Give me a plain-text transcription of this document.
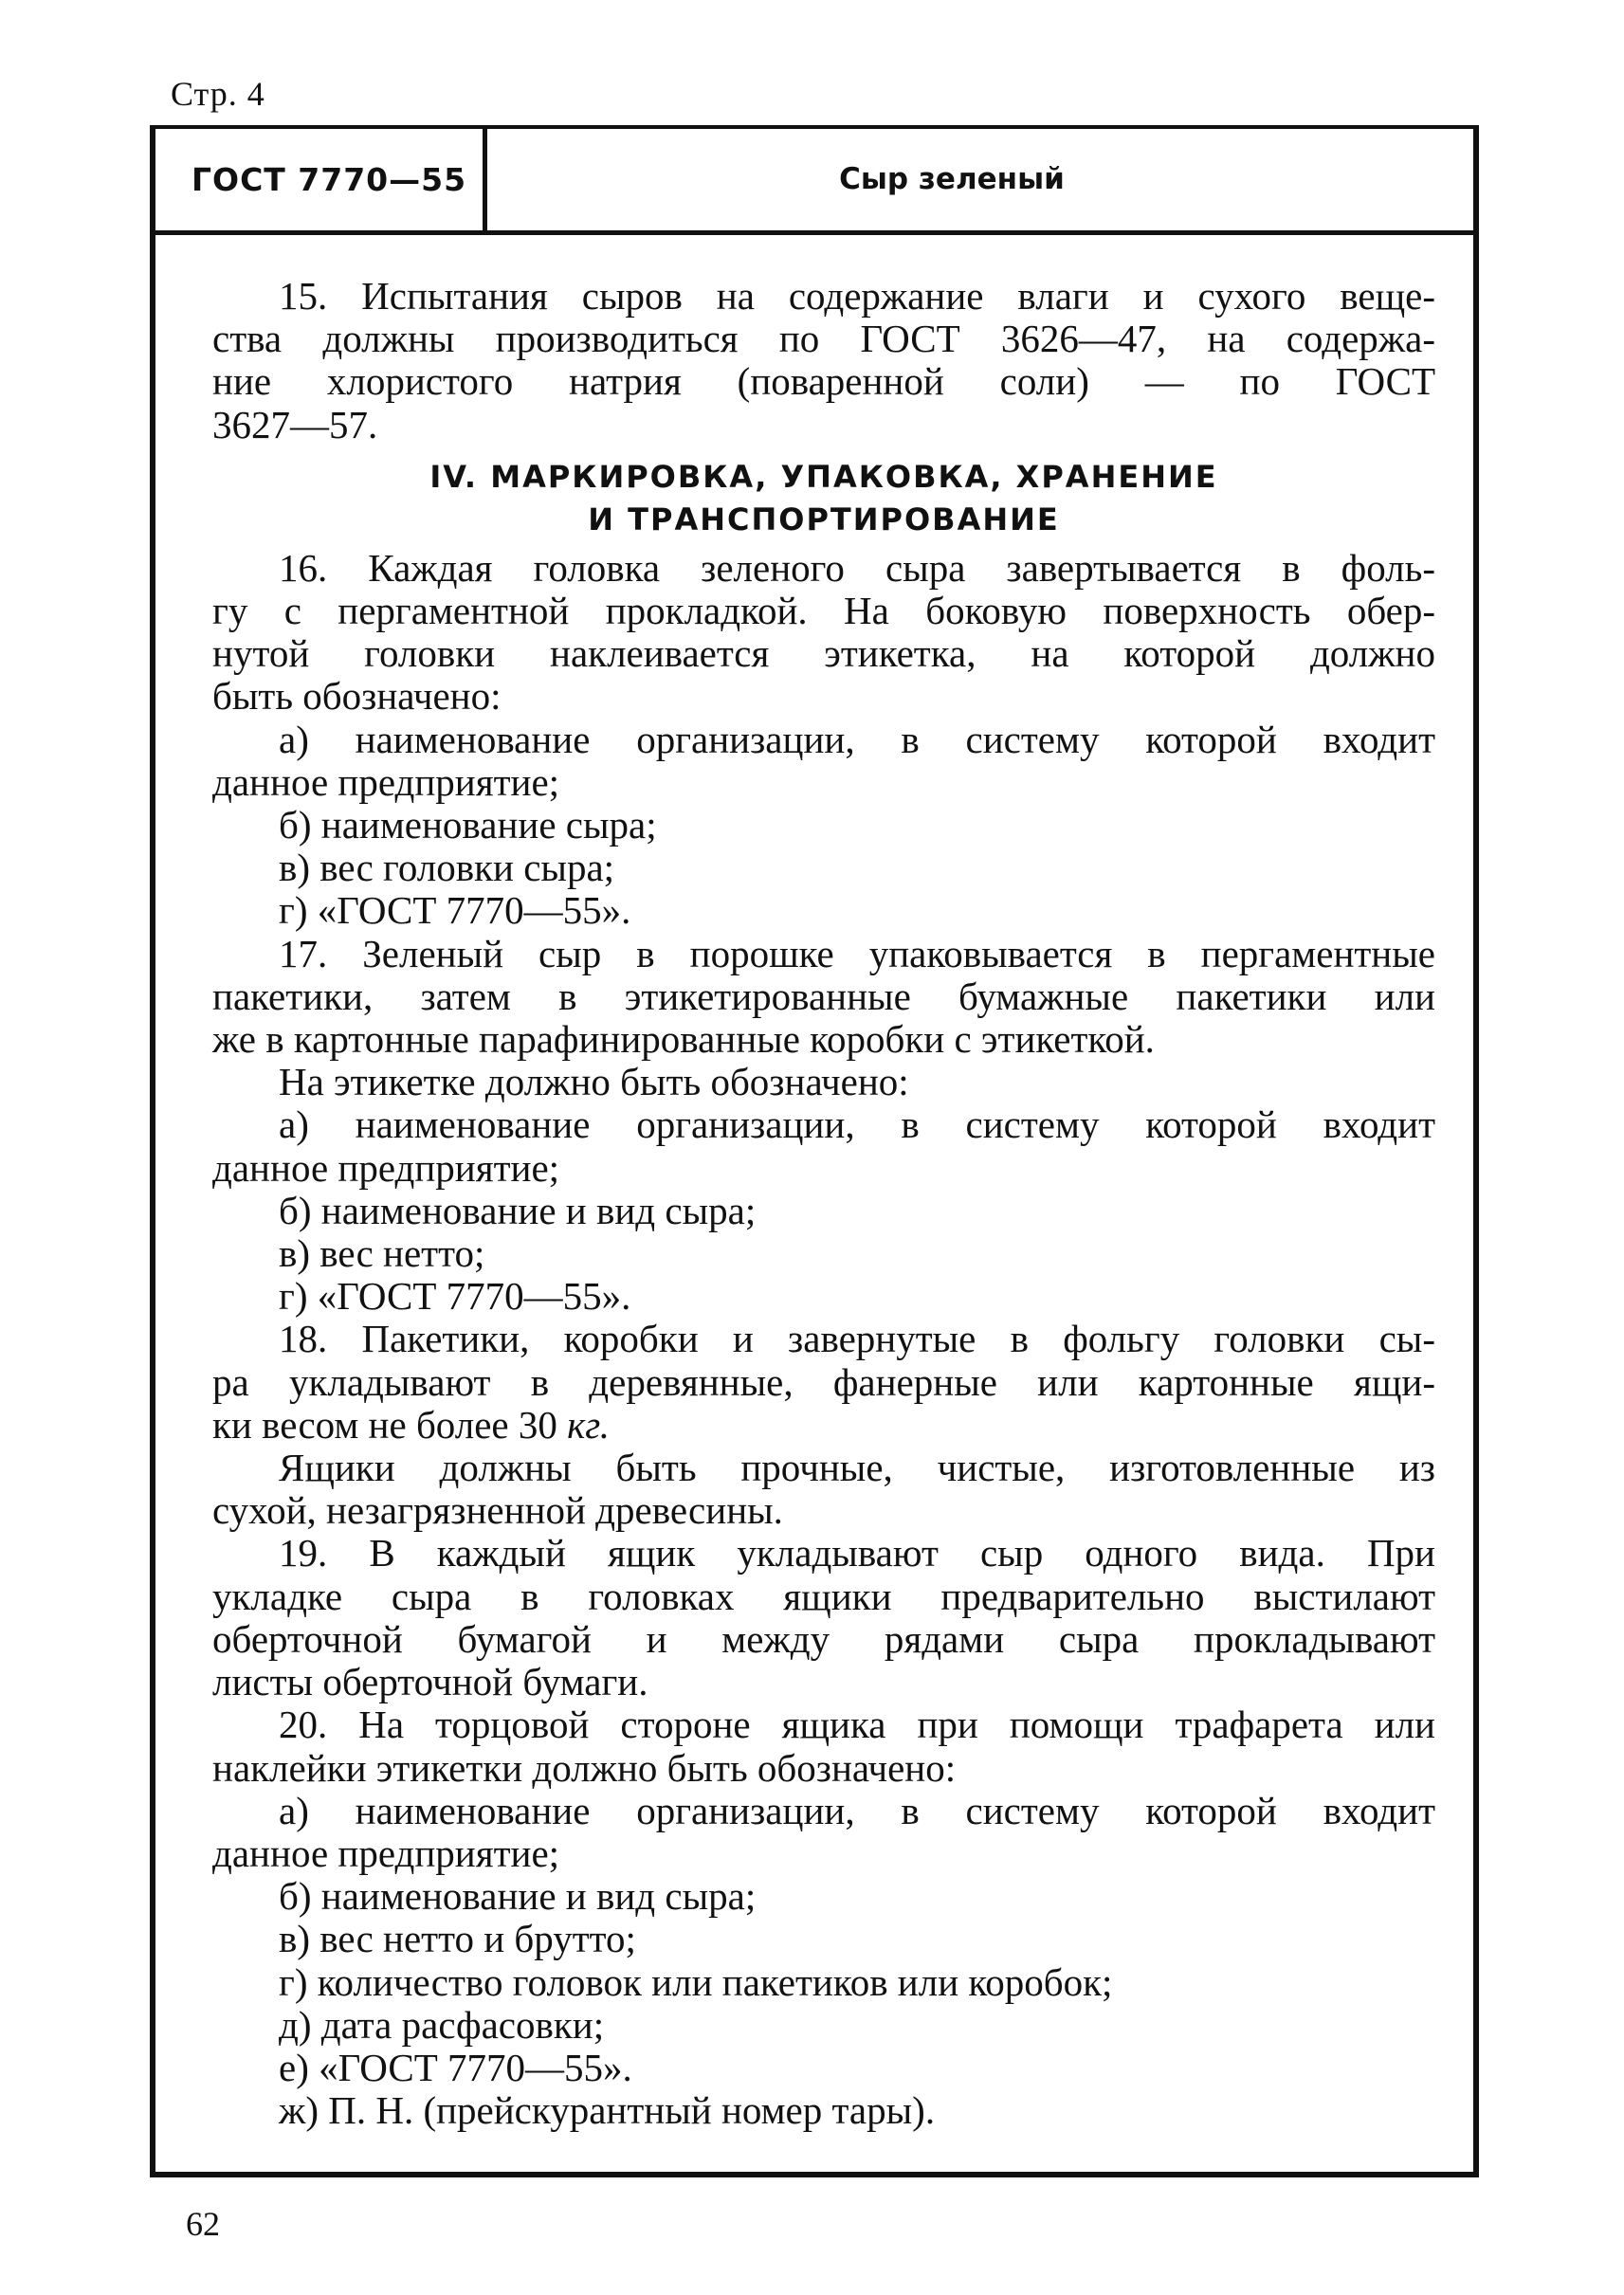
Стр. 4
ГОСТ 7770—55	Сыр зеленый

15. Испытания сыров на содержание влаги и сухого веще-

ства должны производиться по ГОСТ 3626—47, на содержа-

ние хлористого натрия (поваренной соли) — по ГОСТ

3627—57.

IV. МАРКИРОВКА, УПАКОВКА, ХРАНЕНИЕ
И ТРАНСПОРТИРОВАНИЕ

16. Каждая головка зеленого сыра завертывается в фоль-

гу с пергаментной прокладкой. На боковую поверхность обер-

нутой головки наклеивается этикетка, на которой должно

быть обозначено:

а) наименование организации, в систему которой входит

данное предприятие;

б) наименование сыра;

в) вес головки сыра;

г) «ГОСТ 7770—55».

17. Зеленый сыр в порошке упаковывается в пергаментные

пакетики, затем в этикетированные бумажные пакетики или

же в картонные парафинированные коробки с этикеткой.

На этикетке должно быть обозначено:

а) наименование организации, в систему которой входит

данное предприятие;

б) наименование и вид сыра;

в) вес нетто;

г) «ГОСТ 7770—55».

18. Пакетики, коробки и завернутые в фольгу головки сы-

ра укладывают в деревянные, фанерные или картонные ящи-

ки весом не более 30 кг.

Ящики должны быть прочные, чистые, изготовленные из

сухой, незагрязненной древесины.

19. В каждый ящик укладывают сыр одного вида. При

укладке сыра в головках ящики предварительно выстилают

оберточной бумагой и между рядами сыра прокладывают

листы оберточной бумаги.

20. На торцовой стороне ящика при помощи трафарета или

наклейки этикетки должно быть обозначено:

а) наименование организации, в систему которой входит

данное предприятие;

б) наименование и вид сыра;

в) вес нетто и брутто;

г) количество головок или пакетиков или коробок;

д) дата расфасовки;

е) «ГОСТ 7770—55».

ж) П. Н. (прейскурантный номер тары).

62
